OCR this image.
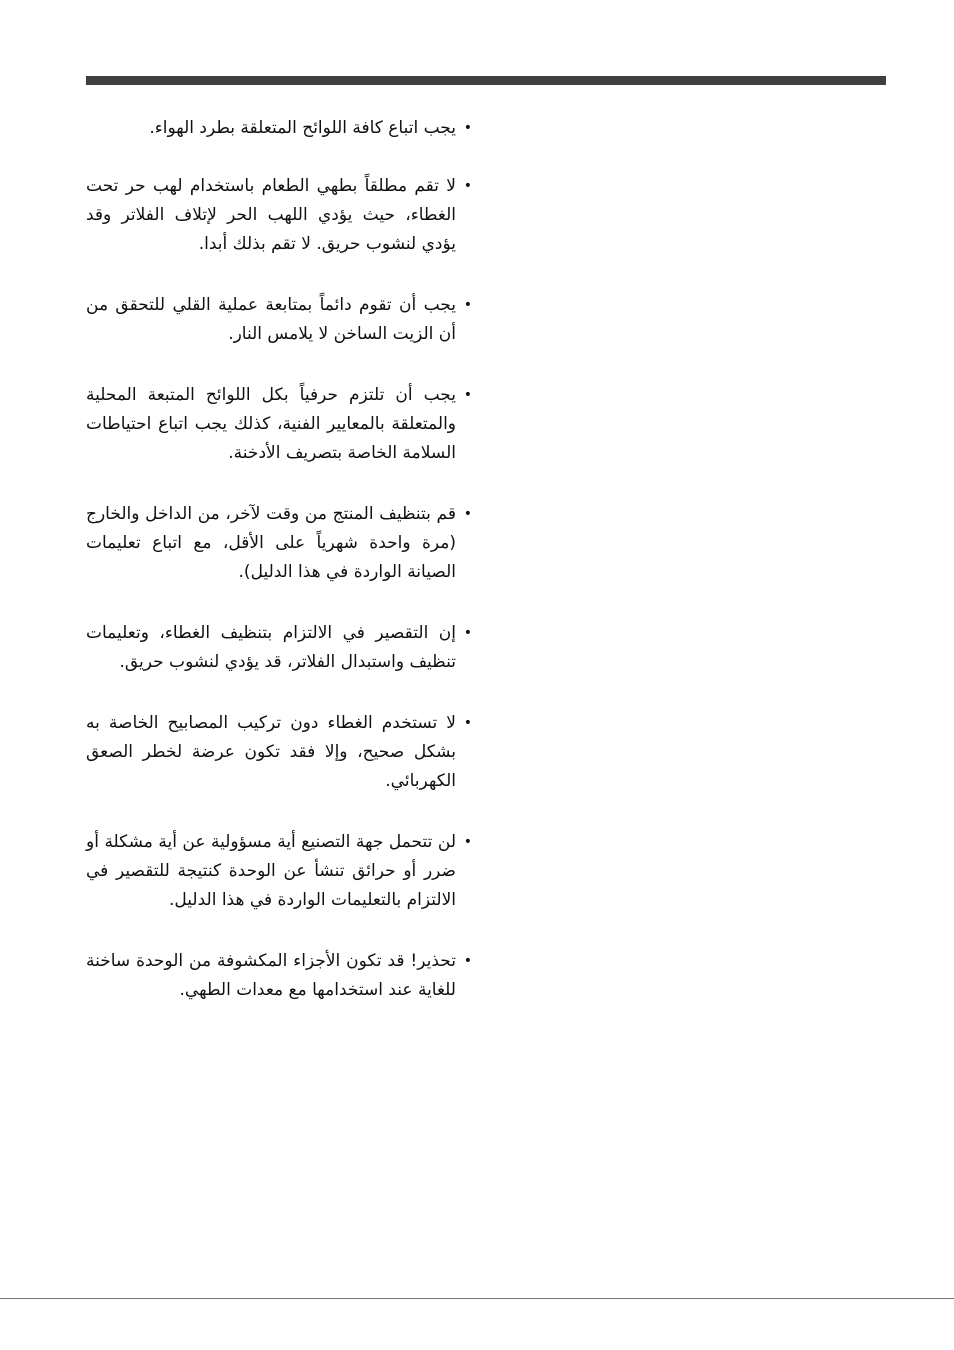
•
يجب اتباع كافة اللوائح المتعلقة بطرد الهواء.
•
لا تقم مطلقاً بطهي الطعام باستخدام لهب حر تحت الغطاء، حيث يؤدي اللهب الحر لإتلاف الفلاتر وقد يؤدي لنشوب حريق. لا تقم بذلك أبدا.
•
يجب أن تقوم دائماً بمتابعة عملية القلي للتحقق من أن الزيت الساخن لا يلامس النار.
•
يجب أن تلتزم حرفياً بكل اللوائح المتبعة المحلية والمتعلقة بالمعايير الفنية، كذلك يجب اتباع احتياطات السلامة الخاصة بتصريف الأدخنة.
•
قم بتنظيف المنتج من وقت لآخر، من الداخل والخارج (مرة واحدة شهرياً على الأقل، مع اتباع تعليمات الصيانة الواردة في هذا الدليل).
•
إن التقصير في الالتزام بتنظيف الغطاء، وتعليمات تنظيف واستبدال الفلاتر، قد يؤدي لنشوب حريق.
•
لا تستخدم الغطاء دون تركيب المصابيح الخاصة به بشكل صحيح، وإلا فقد تكون عرضة لخطر الصعق الكهربائي.
•
لن تتحمل جهة التصنيع أية مسؤولية عن أية مشكلة أو ضرر أو حرائق تنشأ عن الوحدة كنتيجة للتقصير في الالتزام بالتعليمات الواردة في هذا الدليل.
•
تحذير! قد تكون الأجزاء المكشوفة من الوحدة ساخنة للغاية عند استخدامها مع معدات الطهي.
